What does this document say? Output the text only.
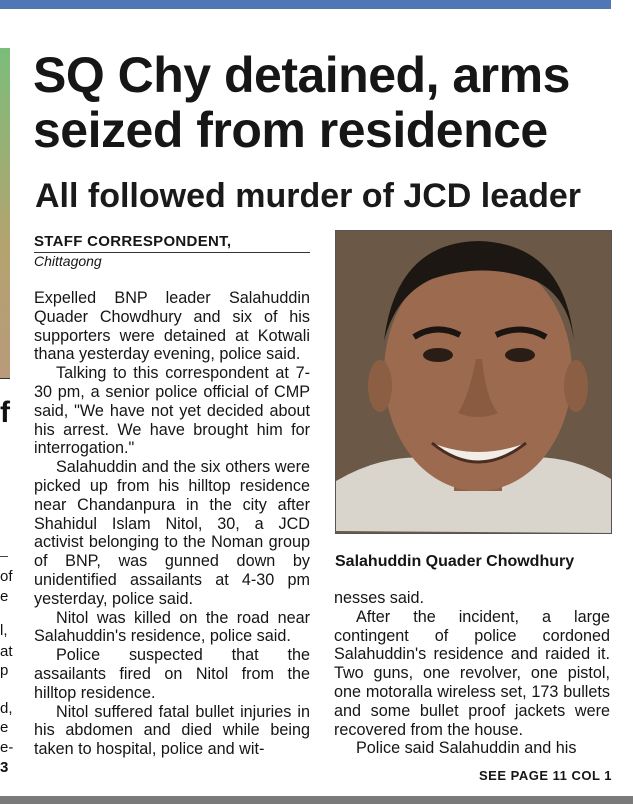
f
of
e
l,
at
p
d,
e
e-
3
SQ Chy detained, arms seized from residence
All followed murder of JCD leader
STAFF CORRESPONDENT,
Chittagong

Expelled BNP leader Salahuddin Quader Chowdhury and six of his supporters were detained at Kotwali thana yesterday evening, police said.

Talking to this correspondent at 7-30 pm, a senior police official of CMP said, "We have not yet decided about his arrest. We have brought him for interrogation."

Salahuddin and the six others were picked up from his hilltop residence near Chandanpura in the city after Shahidul Islam Nitol, 30, a JCD activist belonging to the Noman group of BNP, was gunned down by unidentified assailants at 4-30 pm yesterday, police said.

Nitol was killed on the road near Salahuddin's residence, police said.

Police suspected that the assailants fired on Nitol from the hilltop residence.

Nitol suffered fatal bullet injuries in his abdomen and died while being taken to hospital, police and wit-

Salahuddin Quader Chowdhury

nesses said.

After the incident, a large contingent of police cordoned Salahuddin's residence and raided it. Two guns, one revolver, one pistol, one motoralla wireless set, 173 bullets and some bullet proof jackets were recovered from the house.

Police said Salahuddin and his

SEE PAGE 11 COL 1
